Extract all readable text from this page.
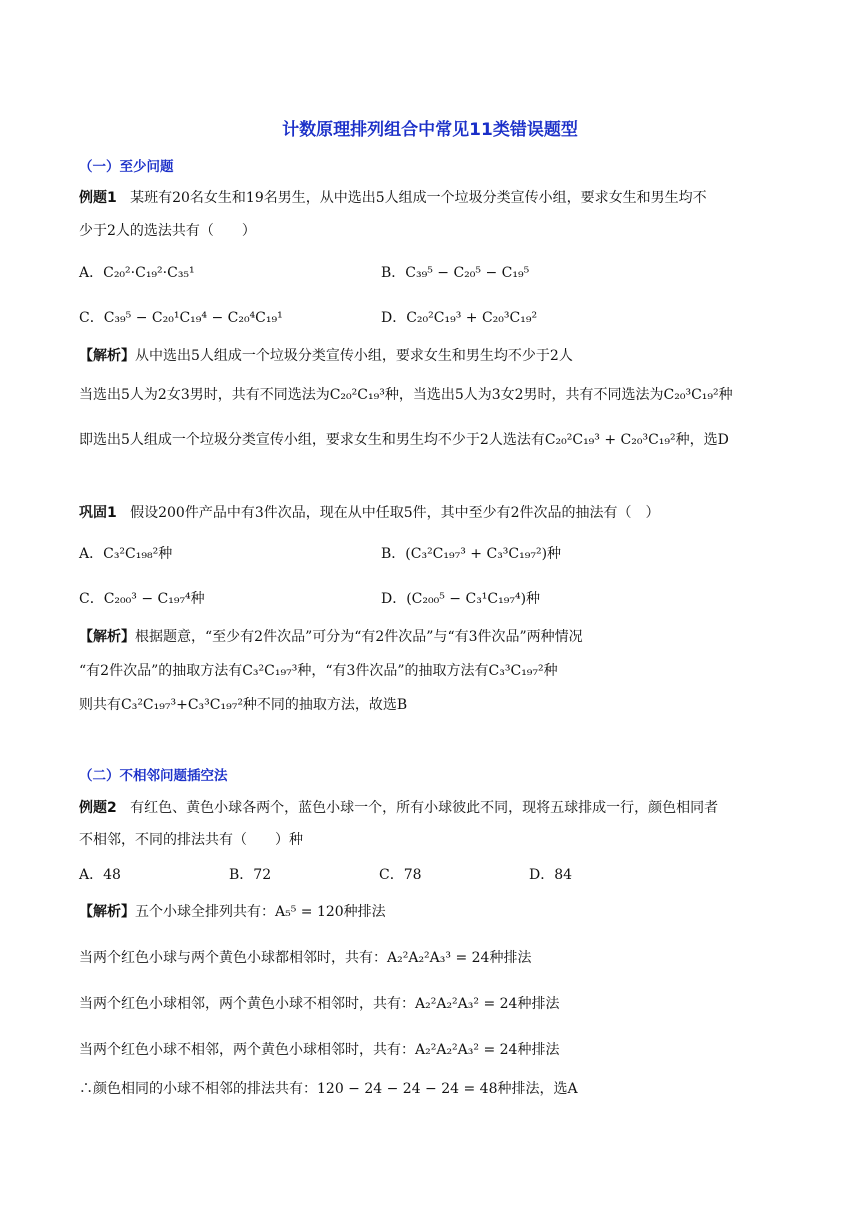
计数原理排列组合中常见11类错误题型
（一）至少问题
例题1 某班有20名女生和19名男生，从中选出5人组成一个垃圾分类宣传小组，要求女生和男生均不
少于2人的选法共有（　　）
A．C₂₀²·C₁₉²·C₃₅¹	B．C₃₉⁵ − C₂₀⁵ − C₁₉⁵
C．C₃₉⁵ − C₂₀¹C₁₉⁴ − C₂₀⁴C₁₉¹	D．C₂₀²C₁₉³ + C₂₀³C₁₉²
【解析】从中选出5人组成一个垃圾分类宣传小组，要求女生和男生均不少于2人
当选出5人为2女3男时，共有不同选法为C₂₀²C₁₉³种，当选出5人为3女2男时，共有不同选法为C₂₀³C₁₉²种
即选出5人组成一个垃圾分类宣传小组，要求女生和男生均不少于2人选法有C₂₀²C₁₉³ + C₂₀³C₁₉²种，选D
巩固1 假设200件产品中有3件次品，现在从中任取5件，其中至少有2件次品的抽法有（　）
A．C₃²C₁₉₈²种	B．(C₃²C₁₉₇³ + C₃³C₁₉₇²)种
C．C₂₀₀³ − C₁₉₇⁴种	D．(C₂₀₀⁵ − C₃¹C₁₉₇⁴)种
【解析】根据题意，“至少有2件次品”可分为“有2件次品”与“有3件次品”两种情况
“有2件次品”的抽取方法有C₃²C₁₉₇³种，“有3件次品”的抽取方法有C₃³C₁₉₇²种
则共有C₃²C₁₉₇³+C₃³C₁₉₇²种不同的抽取方法，故选B
（二）不相邻问题插空法
例题2 有红色、黄色小球各两个，蓝色小球一个，所有小球彼此不同，现将五球排成一行，颜色相同者
不相邻，不同的排法共有（　　）种
A．48	B．72	C．78	D．84
【解析】五个小球全排列共有：A₅⁵ = 120种排法
当两个红色小球与两个黄色小球都相邻时，共有：A₂²A₂²A₃³ = 24种排法
当两个红色小球相邻，两个黄色小球不相邻时，共有：A₂²A₂²A₃² = 24种排法
当两个红色小球不相邻，两个黄色小球相邻时，共有：A₂²A₂²A₃² = 24种排法
∴颜色相同的小球不相邻的排法共有：120 − 24 − 24 − 24 = 48种排法，选A
